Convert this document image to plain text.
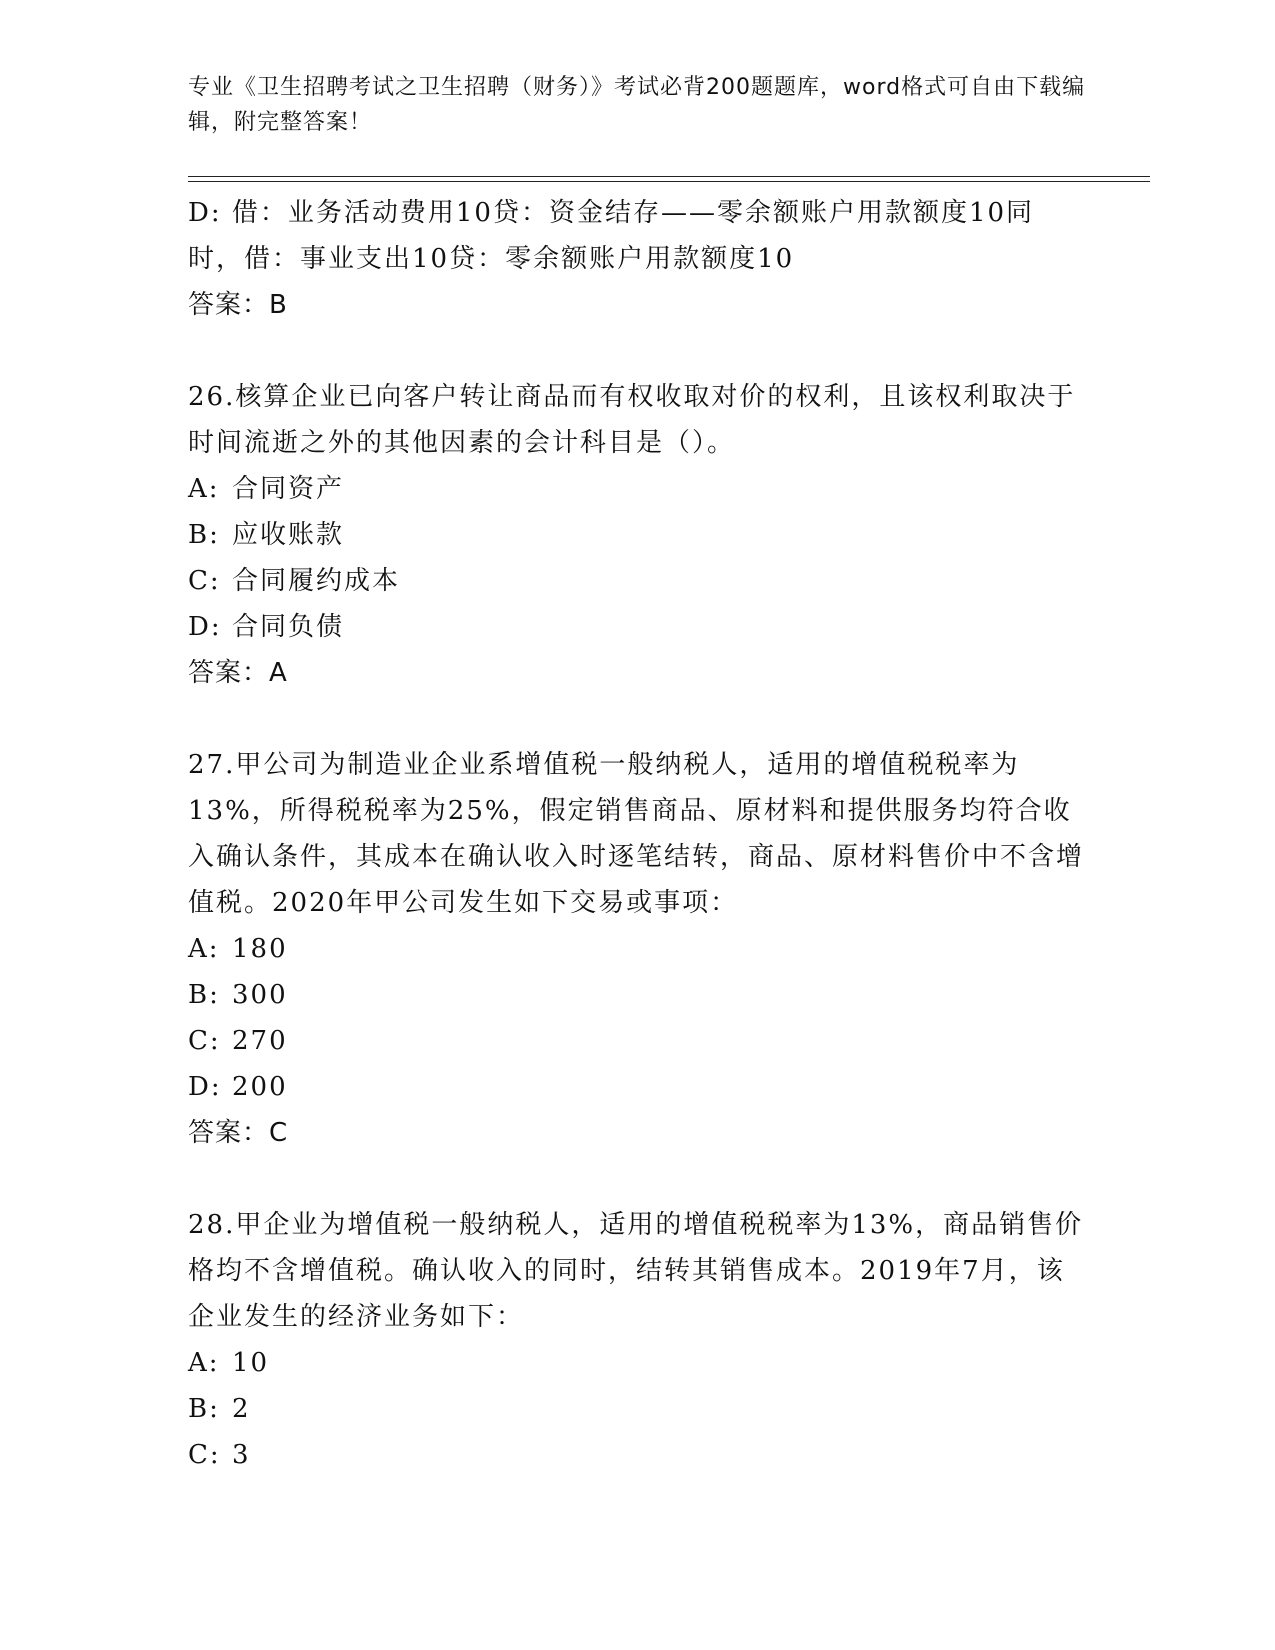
专业《卫生招聘考试之卫生招聘（财务）》考试必背200题题库，word格式可自由下载编辑，附完整答案！

D: 借：业务活动费用10贷：资金结存——零余额账户用款额度10同时，借：事业支出10贷：零余额账户用款额度10

答案：B

26.核算企业已向客户转让商品而有权收取对价的权利，且该权利取决于时间流逝之外的其他因素的会计科目是（）。

A: 合同资产

B: 应收账款

C: 合同履约成本

D: 合同负债

答案：A

27.甲公司为制造业企业系增值税一般纳税人，适用的增值税税率为13%，所得税税率为25%，假定销售商品、原材料和提供服务均符合收入确认条件，其成本在确认收入时逐笔结转，商品、原材料售价中不含增值税。2020年甲公司发生如下交易或事项：

A: 180

B: 300

C: 270

D: 200

答案：C

28.甲企业为增值税一般纳税人，适用的增值税税率为13%，商品销售价格均不含增值税。确认收入的同时，结转其销售成本。2019年7月，该企业发生的经济业务如下：

A: 10

B: 2

C: 3
